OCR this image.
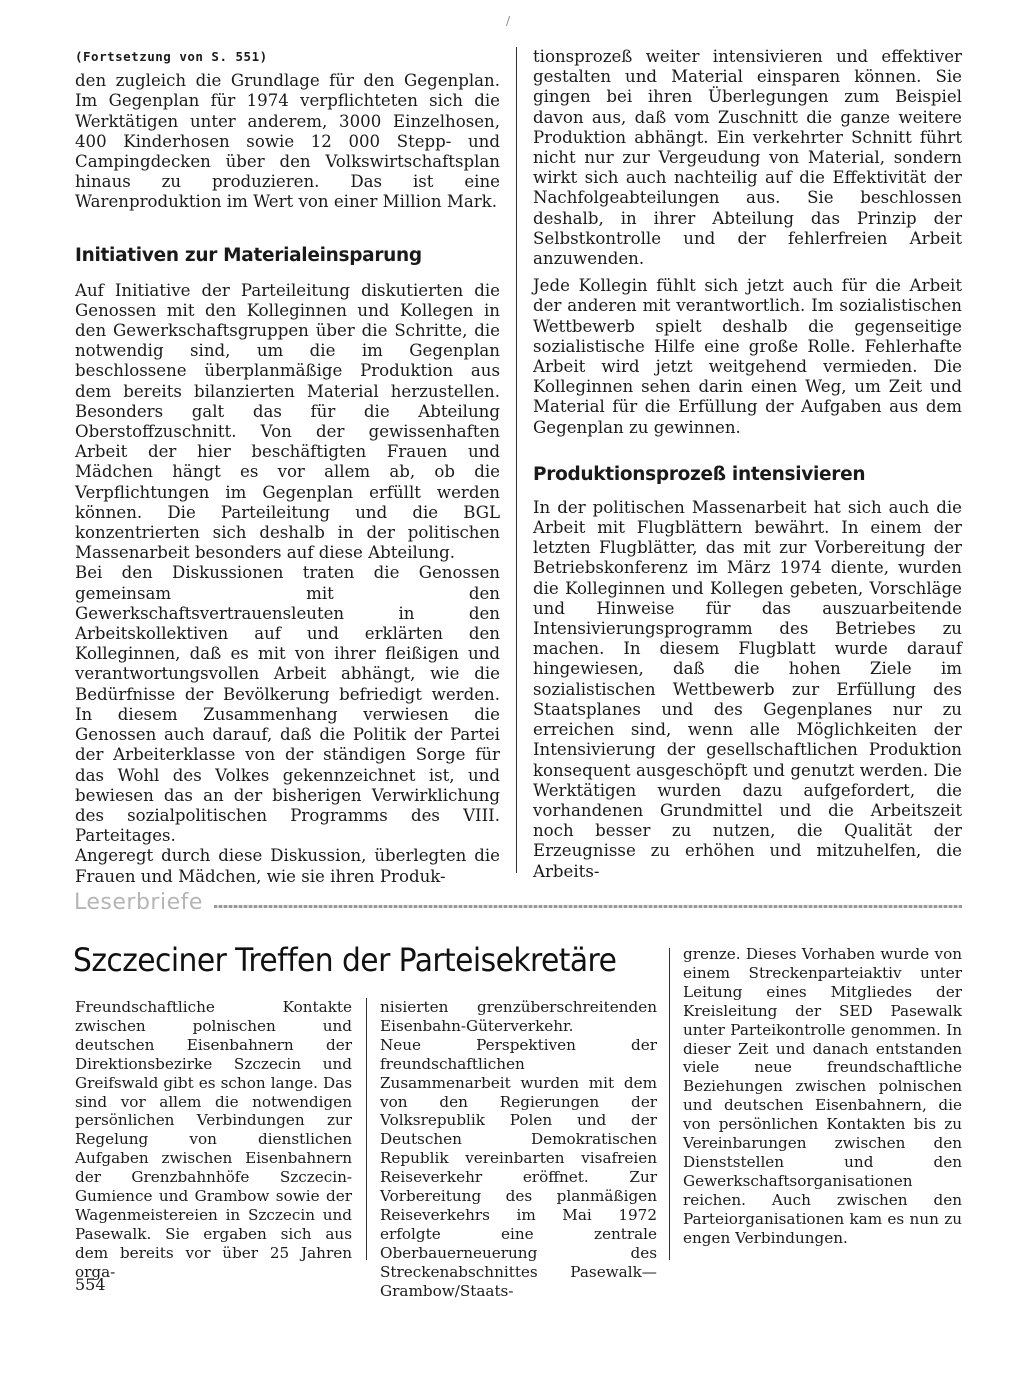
/

(Fortsetzung von S. 551)

den zugleich die Grundlage für den Gegenplan. Im Gegenplan für 1974 verpflichteten sich die Werktätigen unter anderem, 3000 Einzelhosen, 400 Kinderhosen sowie 12 000 Stepp- und Campingdecken über den Volkswirtschaftsplan hinaus zu produzieren. Das ist eine Warenproduktion im Wert von einer Million Mark.

Initiativen zur Materialeinsparung

Auf Initiative der Parteileitung diskutierten die Genossen mit den Kolleginnen und Kollegen in den Gewerkschaftsgruppen über die Schritte, die notwendig sind, um die im Gegenplan beschlossene überplanmäßige Produktion aus dem bereits bilanzierten Material herzustellen. Besonders galt das für die Abteilung Oberstoffzuschnitt. Von der gewissenhaften Arbeit der hier beschäftigten Frauen und Mädchen hängt es vor allem ab, ob die Verpflichtungen im Gegenplan erfüllt werden können. Die Parteileitung und die BGL konzentrierten sich deshalb in der politischen Massenarbeit besonders auf diese Abteilung.

Bei den Diskussionen traten die Genossen gemeinsam mit den Gewerkschaftsvertrauensleuten in den Arbeitskollektiven auf und erklärten den Kolleginnen, daß es mit von ihrer fleißigen und verantwortungsvollen Arbeit abhängt, wie die Bedürfnisse der Bevölkerung befriedigt werden. In diesem Zusammenhang verwiesen die Genossen auch darauf, daß die Politik der Partei der Arbeiterklasse von der ständigen Sorge für das Wohl des Volkes gekennzeichnet ist, und bewiesen das an der bisherigen Verwirklichung des sozialpolitischen Programms des VIII. Parteitages.

Angeregt durch diese Diskussion, überlegten die Frauen und Mädchen, wie sie ihren Produk-

tionsprozeß weiter intensivieren und effektiver gestalten und Material einsparen können. Sie gingen bei ihren Überlegungen zum Beispiel davon aus, daß vom Zuschnitt die ganze weitere Produktion abhängt. Ein verkehrter Schnitt führt nicht nur zur Vergeudung von Material, sondern wirkt sich auch nachteilig auf die Effektivität der Nachfolgeabteilungen aus. Sie beschlossen deshalb, in ihrer Abteilung das Prinzip der Selbstkontrolle und der fehlerfreien Arbeit anzuwenden.

Jede Kollegin fühlt sich jetzt auch für die Arbeit der anderen mit verantwortlich. Im sozialistischen Wettbewerb spielt deshalb die gegenseitige sozialistische Hilfe eine große Rolle. Fehlerhafte Arbeit wird jetzt weitgehend vermieden. Die Kolleginnen sehen darin einen Weg, um Zeit und Material für die Erfüllung der Aufgaben aus dem Gegenplan zu gewinnen.

Produktionsprozeß intensivieren

In der politischen Massenarbeit hat sich auch die Arbeit mit Flugblättern bewährt. In einem der letzten Flugblätter, das mit zur Vorbereitung der Betriebskonferenz im März 1974 diente, wurden die Kolleginnen und Kollegen gebeten, Vorschläge und Hinweise für das auszuarbeitende Intensivierungsprogramm des Betriebes zu machen. In diesem Flugblatt wurde darauf hingewiesen, daß die hohen Ziele im sozialistischen Wettbewerb zur Erfüllung des Staatsplanes und des Gegenplanes nur zu erreichen sind, wenn alle Möglichkeiten der Intensivierung der gesellschaftlichen Produktion konsequent ausgeschöpft und genutzt werden. Die Werktätigen wurden dazu aufgefordert, die vorhandenen Grundmittel und die Arbeitszeit noch besser zu nutzen, die Qualität der Erzeugnisse zu erhöhen und mitzuhelfen, die Arbeits-

Leserbriefe
Szczeciner Treffen der Parteisekretäre

Freundschaftliche Kontakte zwischen polnischen und deutschen Eisenbahnern der Direktionsbezirke Szczecin und Greifswald gibt es schon lange. Das sind vor allem die notwendigen persönlichen Verbindungen zur Regelung von dienstlichen Aufgaben zwischen Eisenbahnern der Grenzbahnhöfe Szczecin-Gumience und Grambow sowie der Wagenmeistereien in Szczecin und Pasewalk. Sie ergaben sich aus dem bereits vor über 25 Jahren orga-

nisierten grenzüberschreitenden Eisenbahn-Güterverkehr.

Neue Perspektiven der freundschaftlichen Zusammenarbeit wurden mit dem von den Regierungen der Volksrepublik Polen und der Deutschen Demokratischen Republik vereinbarten visafreien Reiseverkehr eröffnet. Zur Vorbereitung des planmäßigen Reiseverkehrs im Mai 1972 erfolgte eine zentrale Oberbauerneuerung des Streckenabschnittes Pasewalk—Grambow/Staats-

grenze. Dieses Vorhaben wurde von einem Streckenparteiaktiv unter Leitung eines Mitgliedes der Kreisleitung der SED Pasewalk unter Parteikontrolle genommen. In dieser Zeit und danach entstanden viele neue freundschaftliche Beziehungen zwischen polnischen und deutschen Eisenbahnern, die von persönlichen Kontakten bis zu Vereinbarungen zwischen den Dienststellen und den Gewerkschaftsorganisationen reichen. Auch zwischen den Parteiorganisationen kam es nun zu engen Verbindungen.

554
